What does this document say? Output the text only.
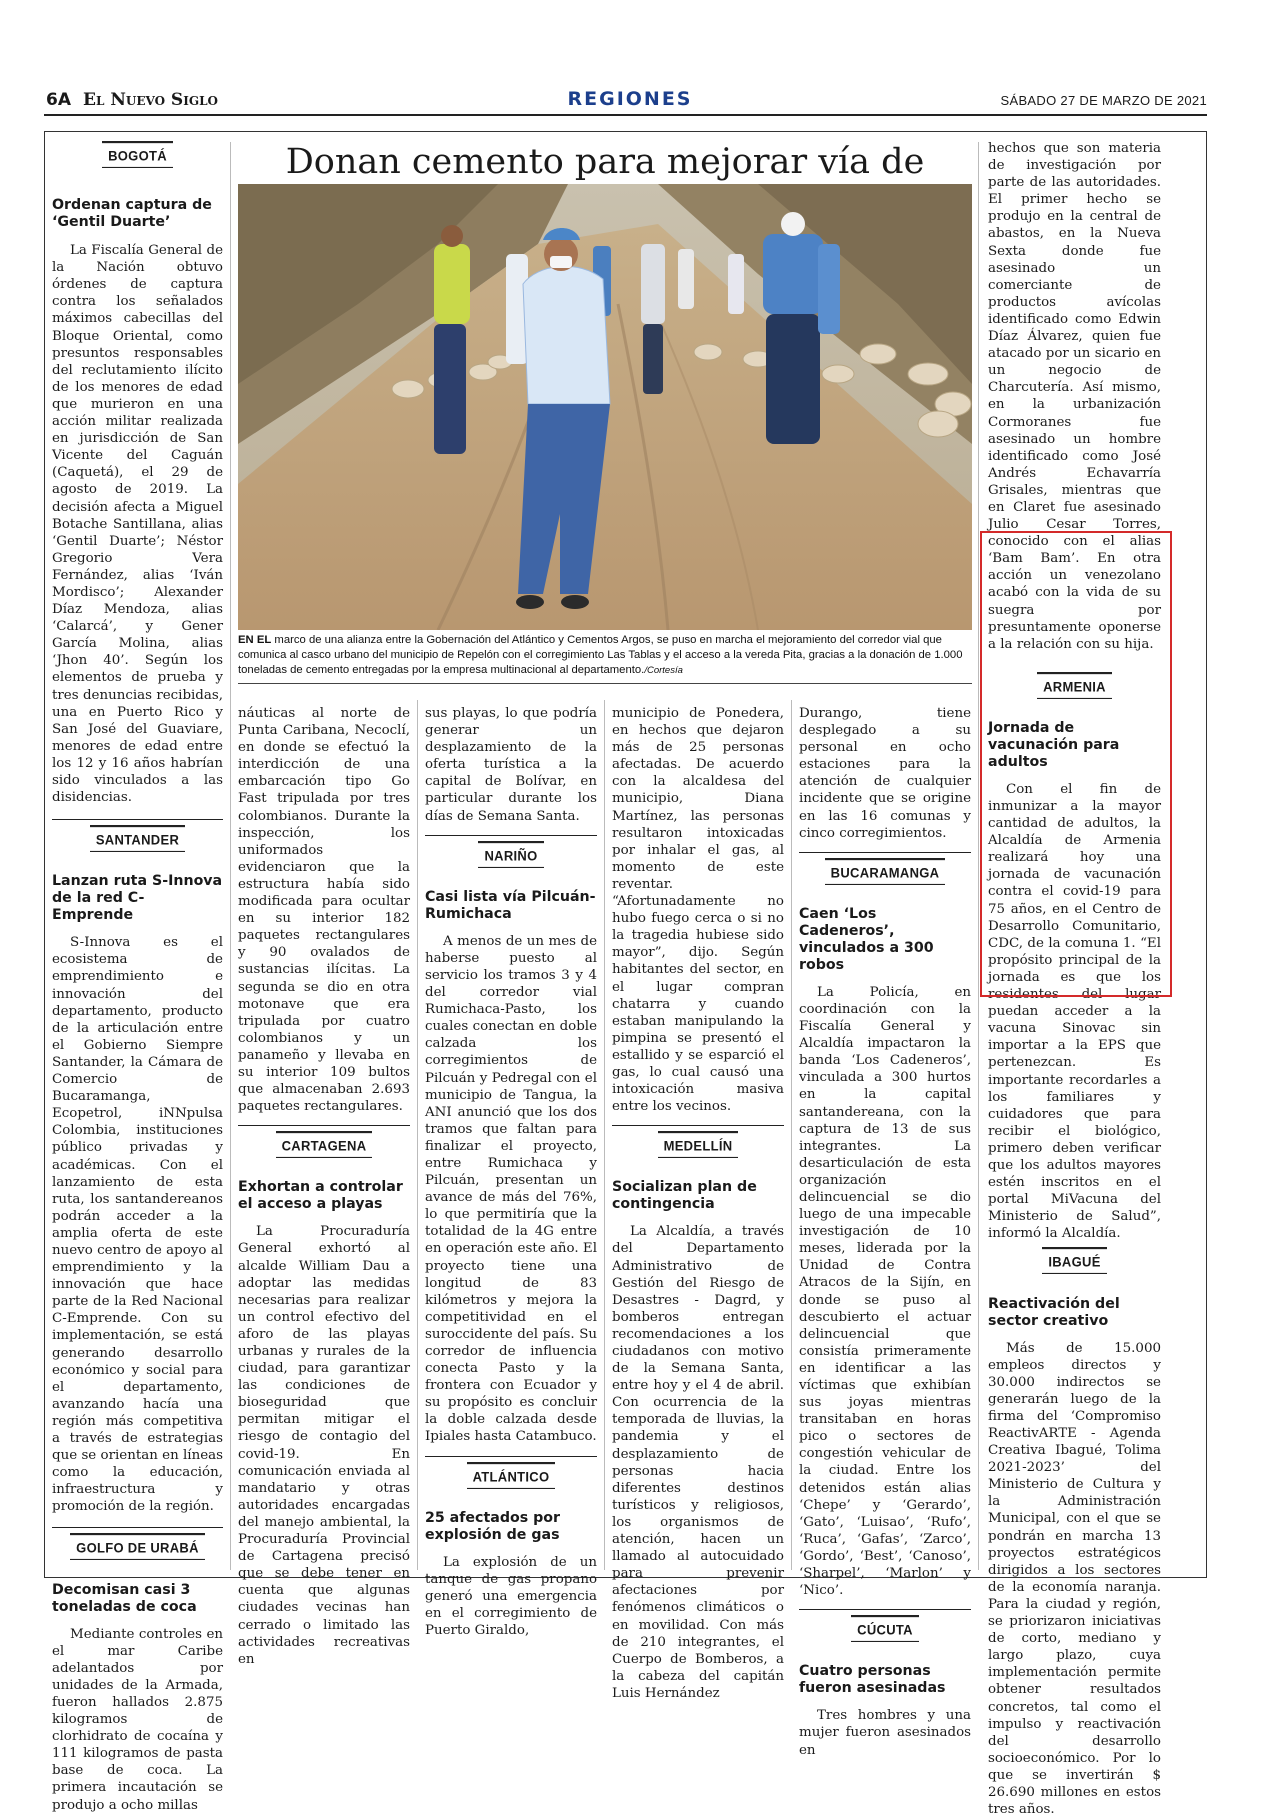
6A El Nuevo Siglo	REGIONES	SÁBADO 27 DE MARZO DE 2021
BOGOTÁ
Ordenan captura de ‘Gentil Duarte’

La Fiscalía General de la Nación obtuvo órdenes de captura contra los señalados máximos cabecillas del Bloque Oriental, como presuntos responsables del reclutamiento ilícito de los menores de edad que murieron en una acción militar realizada en jurisdicción de San Vicente del Caguán (Caquetá), el 29 de agosto de 2019. La decisión afecta a Miguel Botache Santillana, alias ‘Gentil Duarte’; Néstor Gregorio Vera Fernández, alias ‘Iván Mordisco’; Alexander Díaz Mendoza, alias ‘Calarcá’, y Gener García Molina, alias ‘Jhon 40’. Según los elementos de prueba y tres denuncias recibidas, una en Puerto Rico y San José del Guaviare, menores de edad entre los 12 y 16 años habrían sido vinculados a las disidencias.

SANTANDER
Lanzan ruta S-Innova de la red C-Emprende

S-Innova es el ecosistema de emprendimiento e innovación del departamento, producto de la articulación entre el Gobierno Siempre Santander, la Cámara de Comercio de Bucaramanga, Ecopetrol, iNNpulsa Colombia, instituciones público privadas y académicas. Con el lanzamiento de esta ruta, los santandereanos podrán acceder a la amplia oferta de este nuevo centro de apoyo al emprendimiento y la innovación que hace parte de la Red Nacional C-Emprende. Con su implementación, se está generando desarrollo económico y social para el departamento, avanzando hacía una región más competitiva a través de estrategias que se orientan en líneas como la educación, infraestructura y promoción de la región.

GOLFO DE URABÁ
Decomisan casi 3 toneladas de coca

Mediante controles en el mar Caribe adelantados por unidades de la Armada, fueron hallados 2.875 kilogramos de clorhidrato de cocaína y 111 kilogramos de pasta base de coca. La primera incautación se produjo a ocho millas

Donan cemento para mejorar vía de
EN EL marco de una alianza entre la Gobernación del Atlántico y Cementos Argos, se puso en marcha el mejoramiento del corredor vial que comunica al casco urbano del municipio de Repelón con el corregimiento Las Tablas y el acceso a la vereda Pita, gracias a la donación de 1.000 toneladas de cemento entregadas por la empresa multinacional al departamento./Cortesía

náuticas al norte de Punta Caribana, Necoclí, en donde se efectuó la interdicción de una embarcación tipo Go Fast tripulada por tres colombianos. Durante la inspección, los uniformados evidenciaron que la estructura había sido modificada para ocultar en su interior 182 paquetes rectangulares y 90 ovalados de sustancias ilícitas. La segunda se dio en otra motonave que era tripulada por cuatro colombianos y un panameño y llevaba en su interior 109 bultos que almacenaban 2.693 paquetes rectangulares.

CARTAGENA
Exhortan a controlar el acceso a playas

La Procuraduría General exhortó al alcalde William Dau a adoptar las medidas necesarias para realizar un control efectivo del aforo de las playas urbanas y rurales de la ciudad, para garantizar las condiciones de bioseguridad que permitan mitigar el riesgo de contagio del covid-19. En comunicación enviada al mandatario y otras autoridades encargadas del manejo ambiental, la Procuraduría Provincial de Cartagena precisó que se debe tener en cuenta que algunas ciudades vecinas han cerrado o limitado las actividades recreativas en

sus playas, lo que podría generar un desplazamiento de la oferta turística a la capital de Bolívar, en particular durante los días de Semana Santa.

NARIÑO
Casi lista vía Pilcuán-Rumichaca

A menos de un mes de haberse puesto al servicio los tramos 3 y 4 del corredor vial Rumichaca-Pasto, los cuales conectan en doble calzada los corregimientos de Pilcuán y Pedregal con el municipio de Tangua, la ANI anunció que los dos tramos que faltan para finalizar el proyecto, entre Rumichaca y Pilcuán, presentan un avance de más del 76%, lo que permitiría que la totalidad de la 4G entre en operación este año. El proyecto tiene una longitud de 83 kilómetros y mejora la competitividad en el suroccidente del país. Su corredor de influencia conecta Pasto y la frontera con Ecuador y su propósito es concluir la doble calzada desde Ipiales hasta Catambuco.

ATLÁNTICO
25 afectados por explosión de gas

La explosión de un tanque de gas propano generó una emergencia en el corregimiento de Puerto Giraldo,

municipio de Ponedera, en hechos que dejaron más de 25 personas afectadas. De acuerdo con la alcaldesa del municipio, Diana Martínez, las personas resultaron intoxicadas por inhalar el gas, al momento de este reventar. “Afortunadamente no hubo fuego cerca o si no la tragedia hubiese sido mayor”, dijo. Según habitantes del sector, en el lugar compran chatarra y cuando estaban manipulando la pimpina se presentó el estallido y se esparció el gas, lo cual causó una intoxicación masiva entre los vecinos.

MEDELLÍN
Socializan plan de contingencia

La Alcaldía, a través del Departamento Administrativo de Gestión del Riesgo de Desastres - Dagrd, y bomberos entregan recomendaciones a los ciudadanos con motivo de la Semana Santa, entre hoy y el 4 de abril. Con ocurrencia de la temporada de lluvias, la pandemia y el desplazamiento de personas hacia diferentes destinos turísticos y religiosos, los organismos de atención, hacen un llamado al autocuidado para prevenir afectaciones por fenómenos climáticos o en movilidad. Con más de 210 integrantes, el Cuerpo de Bomberos, a la cabeza del capitán Luis Hernández

Durango, tiene desplegado a su personal en ocho estaciones para la atención de cualquier incidente que se origine en las 16 comunas y cinco corregimientos.

BUCARAMANGA
Caen ‘Los Cadeneros’, vinculados a 300 robos

La Policía, en coordinación con la Fiscalía General y Alcaldía impactaron la banda ‘Los Cadeneros’, vinculada a 300 hurtos en la capital santandereana, con la captura de 13 de sus integrantes. La desarticulación de esta organización delincuencial se dio luego de una impecable investigación de 10 meses, liderada por la Unidad de Contra Atracos de la Sijín, en donde se puso al descubierto el actuar delincuencial que consistía primeramente en identificar a las víctimas que exhibían sus joyas mientras transitaban en horas pico o sectores de congestión vehicular de la ciudad. Entre los detenidos están alias ‘Chepe’ y ‘Gerardo’, ‘Gato’, ‘Luisao’, ‘Rufo’, ‘Ruca’, ‘Gafas’, ‘Zarco’, ‘Gordo’, ‘Best’, ‘Canoso’, ‘Sharpel’, ‘Marlon’ y ‘Nico’.

CÚCUTA
Cuatro personas fueron asesinadas

Tres hombres y una mujer fueron asesinados en

hechos que son materia de investigación por parte de las autoridades. El primer hecho se produjo en la central de abastos, en la Nueva Sexta donde fue asesinado un comerciante de productos avícolas identificado como Edwin Díaz Álvarez, quien fue atacado por un sicario en un negocio de Charcutería. Así mismo, en la urbanización Cormoranes fue asesinado un hombre identificado como José Andrés Echavarría Grisales, mientras que en Claret fue asesinado Julio Cesar Torres, conocido con el alias ‘Bam Bam’. En otra acción un venezolano acabó con la vida de su suegra por presuntamente oponerse a la relación con su hija.

ARMENIA
Jornada de vacunación para adultos

Con el fin de inmunizar a la mayor cantidad de adultos, la Alcaldía de Armenia realizará hoy una jornada de vacunación contra el covid-19 para 75 años, en el Centro de Desarrollo Comunitario, CDC, de la comuna 1. “El propósito principal de la jornada es que los residentes del lugar puedan acceder a la vacuna Sinovac sin importar a la EPS que pertenezcan. Es importante recordarles a los familiares y cuidadores que para recibir el biológico, primero deben verificar que los adultos mayores estén inscritos en el portal MiVacuna del Ministerio de Salud”, informó la Alcaldía.

IBAGUÉ
Reactivación del sector creativo

Más de 15.000 empleos directos y 30.000 indirectos se generarán luego de la firma del ‘Compromiso ReactivARTE - Agenda Creativa Ibagué, Tolima 2021-2023’ del Ministerio de Cultura y la Administración Municipal, con el que se pondrán en marcha 13 proyectos estratégicos dirigidos a los sectores de la economía naranja. Para la ciudad y región, se priorizaron iniciativas de corto, mediano y largo plazo, cuya implementación permite obtener resultados concretos, tal como el impulso y reactivación del desarrollo socioeconómico. Por lo que se invertirán $ 26.690 millones en estos tres años.
